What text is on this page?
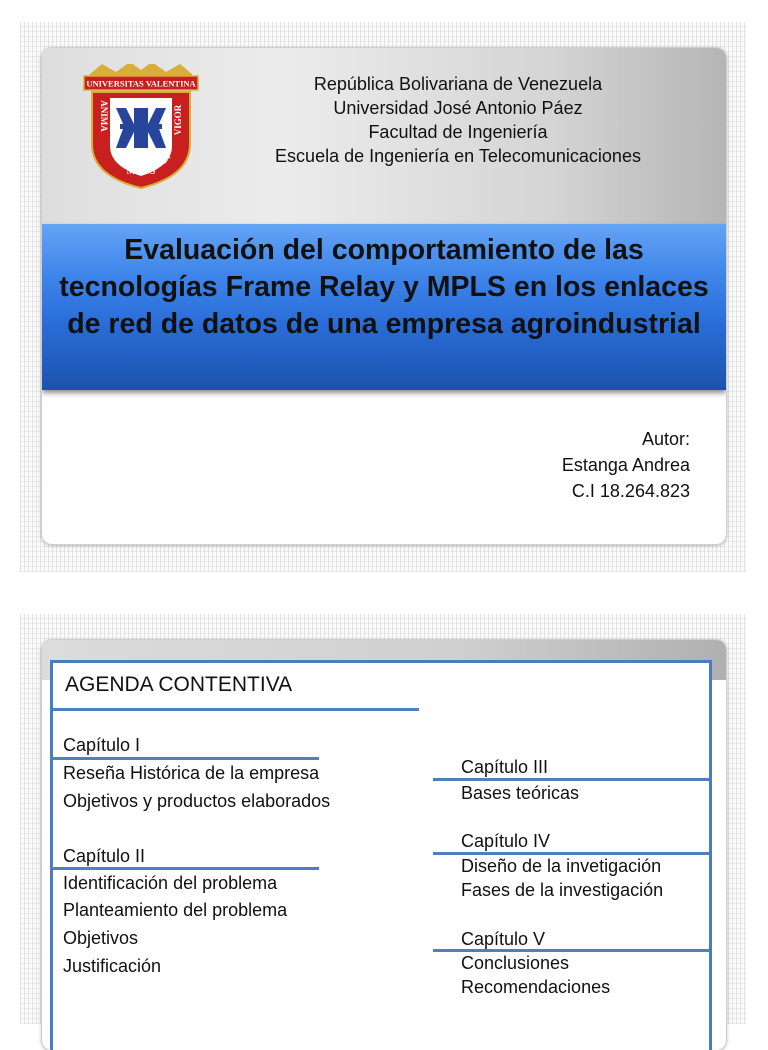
UNIVERSITAS VALENTINA
ANIMA	VIGOR
ET
MENS
República Bolivariana de Venezuela
Universidad José Antonio Páez
Facultad de Ingeniería
Escuela de Ingeniería en Telecomunicaciones
Evaluación del comportamiento de las tecnologías Frame Relay y MPLS en los enlaces de red de datos de una empresa agroindustrial
Autor:
Estanga Andrea
C.I 18.264.823
AGENDA CONTENTIVA
Capítulo I
Reseña Histórica de la empresa
Objetivos y productos elaborados
Capítulo II
Identificación del problema
Planteamiento del problema
Objetivos
Justificación
Capítulo III
Bases teóricas
Capítulo IV
Diseño de la invetigación
Fases de la investigación
Capítulo V
Conclusiones
Recomendaciones
